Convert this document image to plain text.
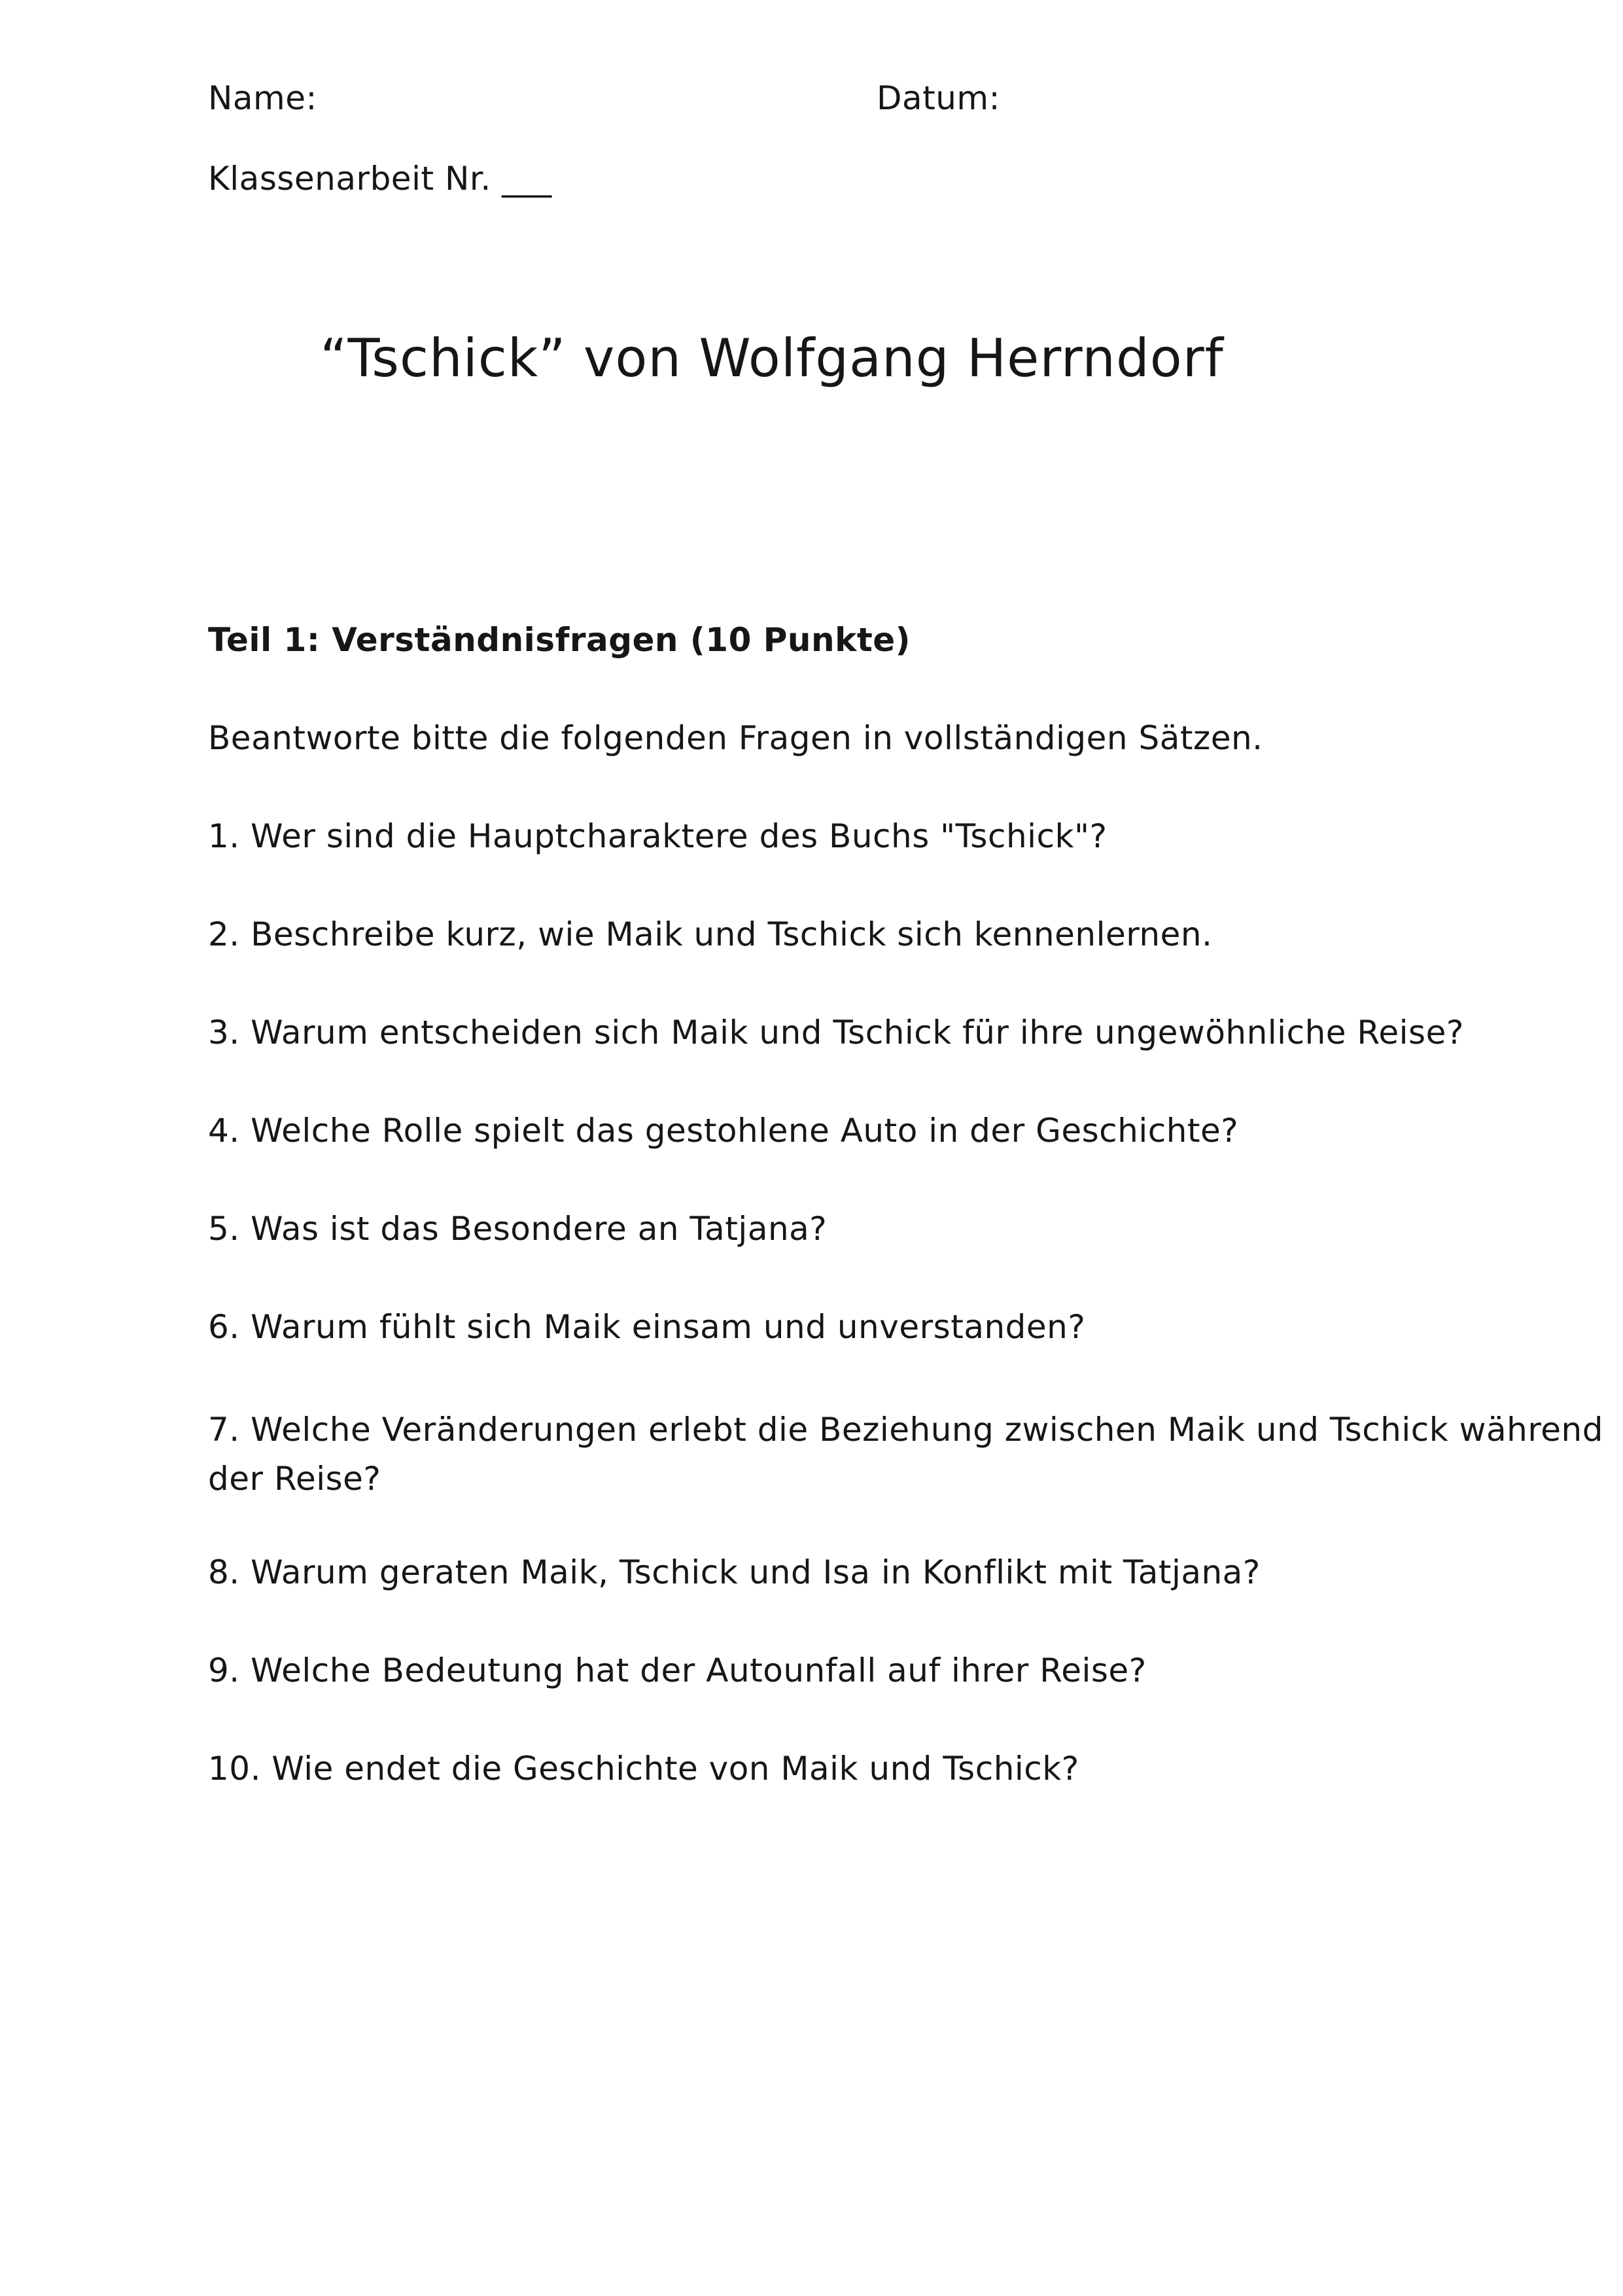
Name:	Datum:
Klassenarbeit Nr. ___
“Tschick” von Wolfgang Herrndorf
Teil 1: Verständnisfragen (10 Punkte)
Beantworte bitte die folgenden Fragen in vollständigen Sätzen.
1. Wer sind die Hauptcharaktere des Buchs "Tschick"?
2. Beschreibe kurz, wie Maik und Tschick sich kennenlernen.
3. Warum entscheiden sich Maik und Tschick für ihre ungewöhnliche Reise?
4. Welche Rolle spielt das gestohlene Auto in der Geschichte?
5. Was ist das Besondere an Tatjana?
6. Warum fühlt sich Maik einsam und unverstanden?
7. Welche Veränderungen erlebt die Beziehung zwischen Maik und Tschick während der Reise?
8. Warum geraten Maik, Tschick und Isa in Konflikt mit Tatjana?
9. Welche Bedeutung hat der Autounfall auf ihrer Reise?
10. Wie endet die Geschichte von Maik und Tschick?
